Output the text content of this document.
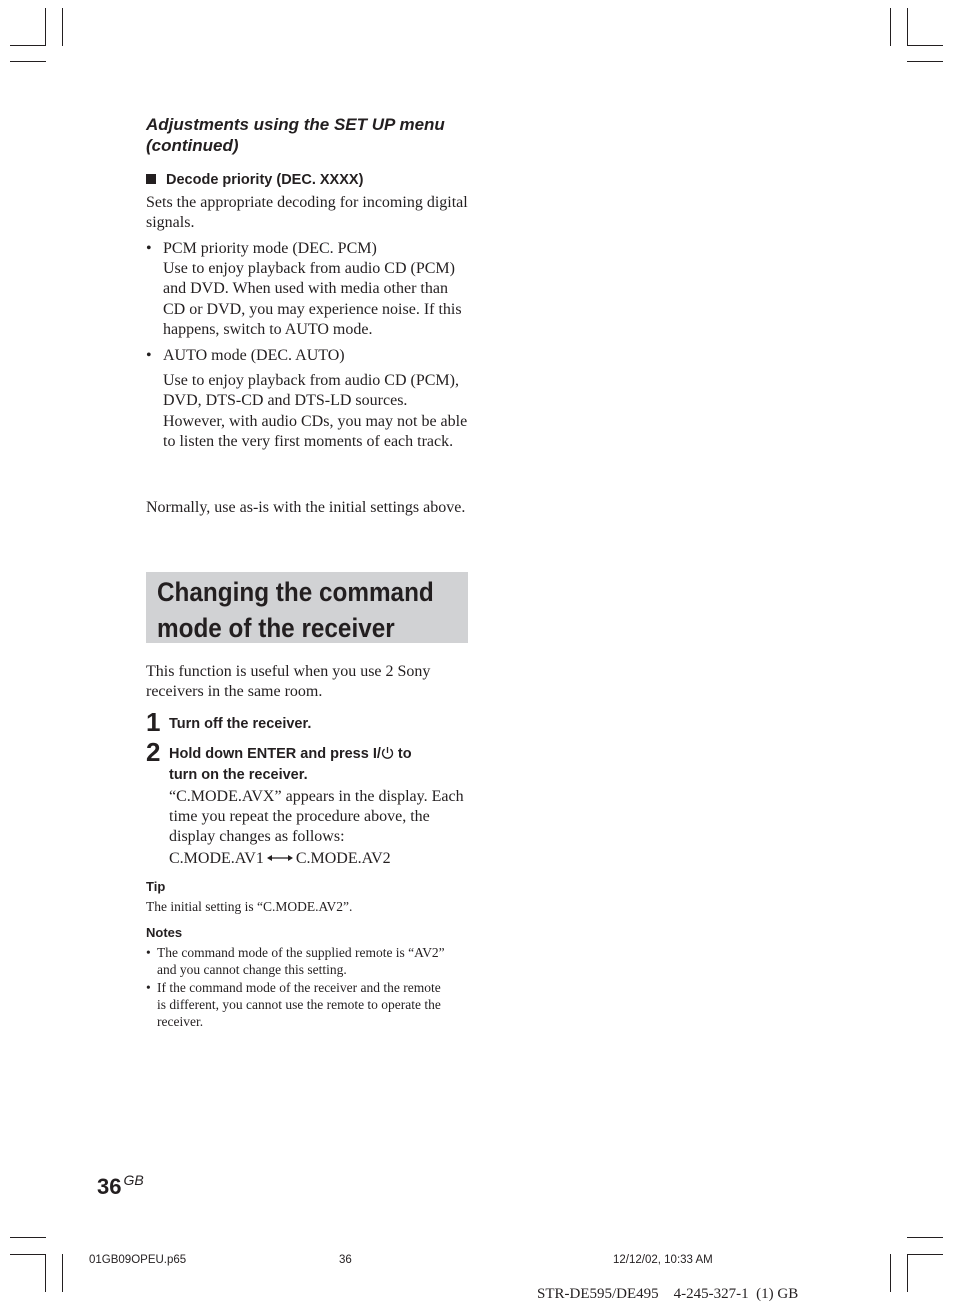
Adjustments using the SET UP menu (continued)
Decode priority (DEC. XXXX)
Sets the appropriate decoding for incoming digital signals.
• PCM priority mode (DEC. PCM)
Use to enjoy playback from audio CD (PCM) and DVD. When used with media other than CD or DVD, you may experience noise. If this happens, switch to AUTO mode.
• AUTO mode (DEC. AUTO)
Use to enjoy playback from audio CD (PCM), DVD, DTS-CD and DTS-LD sources. However, with audio CDs, you may not be able to listen the very first moments of each track.
Normally, use as-is with the initial settings above.
Changing the command
mode of the receiver
This function is useful when you use 2 Sony receivers in the same room.
1 Turn off the receiver.
2 Hold down ENTER and press I/ to
turn on the receiver.
“C.MODE.AVX” appears in the display. Each time you repeat the procedure above, the display changes as follows:
C.MODE.AV1 C.MODE.AV2
Tip
The initial setting is “C.MODE.AV2”.
Notes
• The command mode of the supplied remote is “AV2” and you cannot change this setting.
• If the command mode of the receiver and the remote is different, you cannot use the remote to operate the receiver.
36 $^{GB}$
01GB09OPEU.p65	36	12/12/02, 10:33 AM
STR-DE595/DE495    4-245-327-1  (1) GB
